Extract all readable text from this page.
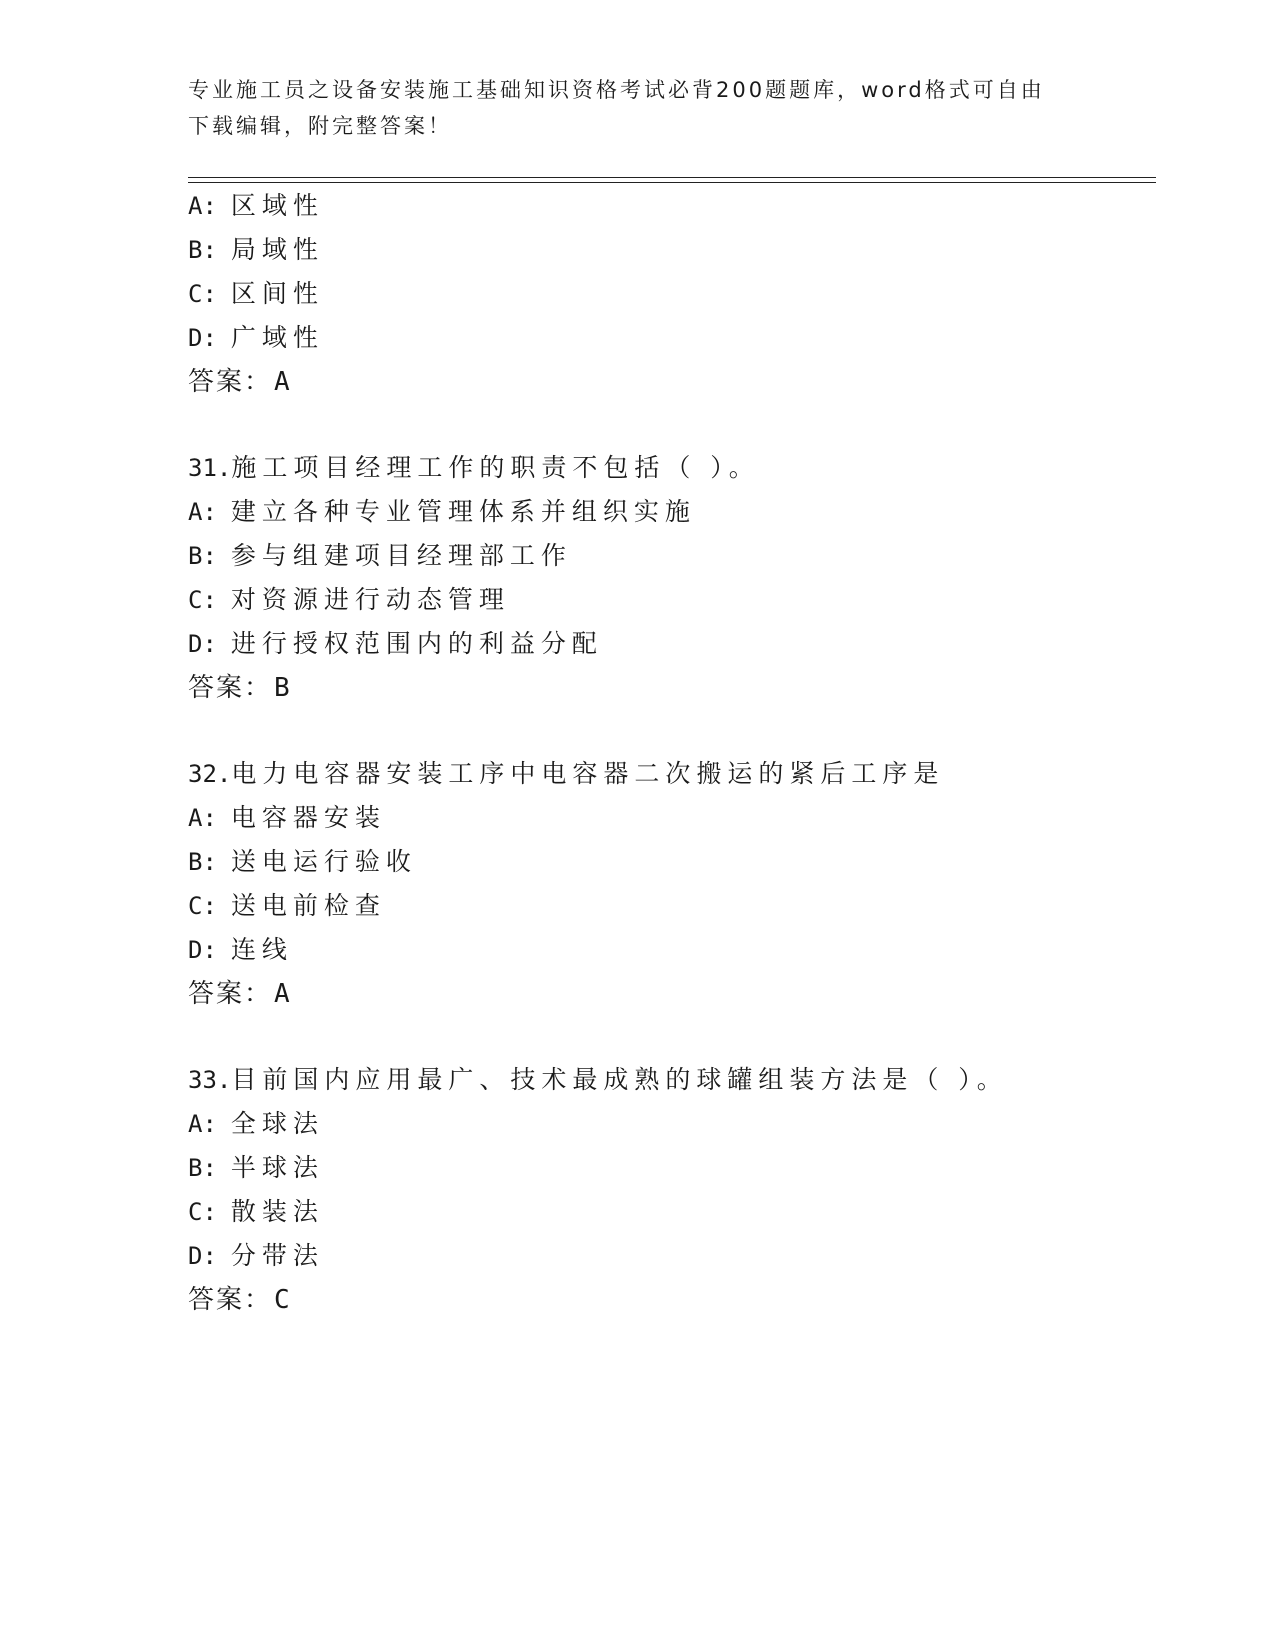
专业施工员之设备安装施工基础知识资格考试必背200题题库，word格式可自由
下载编辑，附完整答案！
A: 区域性
B: 局域性
C: 区间性
D: 广域性
答案：A
31.施工项目经理工作的职责不包括（ ）。
A: 建立各种专业管理体系并组织实施
B: 参与组建项目经理部工作
C: 对资源进行动态管理
D: 进行授权范围内的利益分配
答案：B
32.电力电容器安装工序中电容器二次搬运的紧后工序是
A: 电容器安装
B: 送电运行验收
C: 送电前检查
D: 连线
答案：A
33.目前国内应用最广、技术最成熟的球罐组装方法是（ ）。
A: 全球法
B: 半球法
C: 散装法
D: 分带法
答案：C
